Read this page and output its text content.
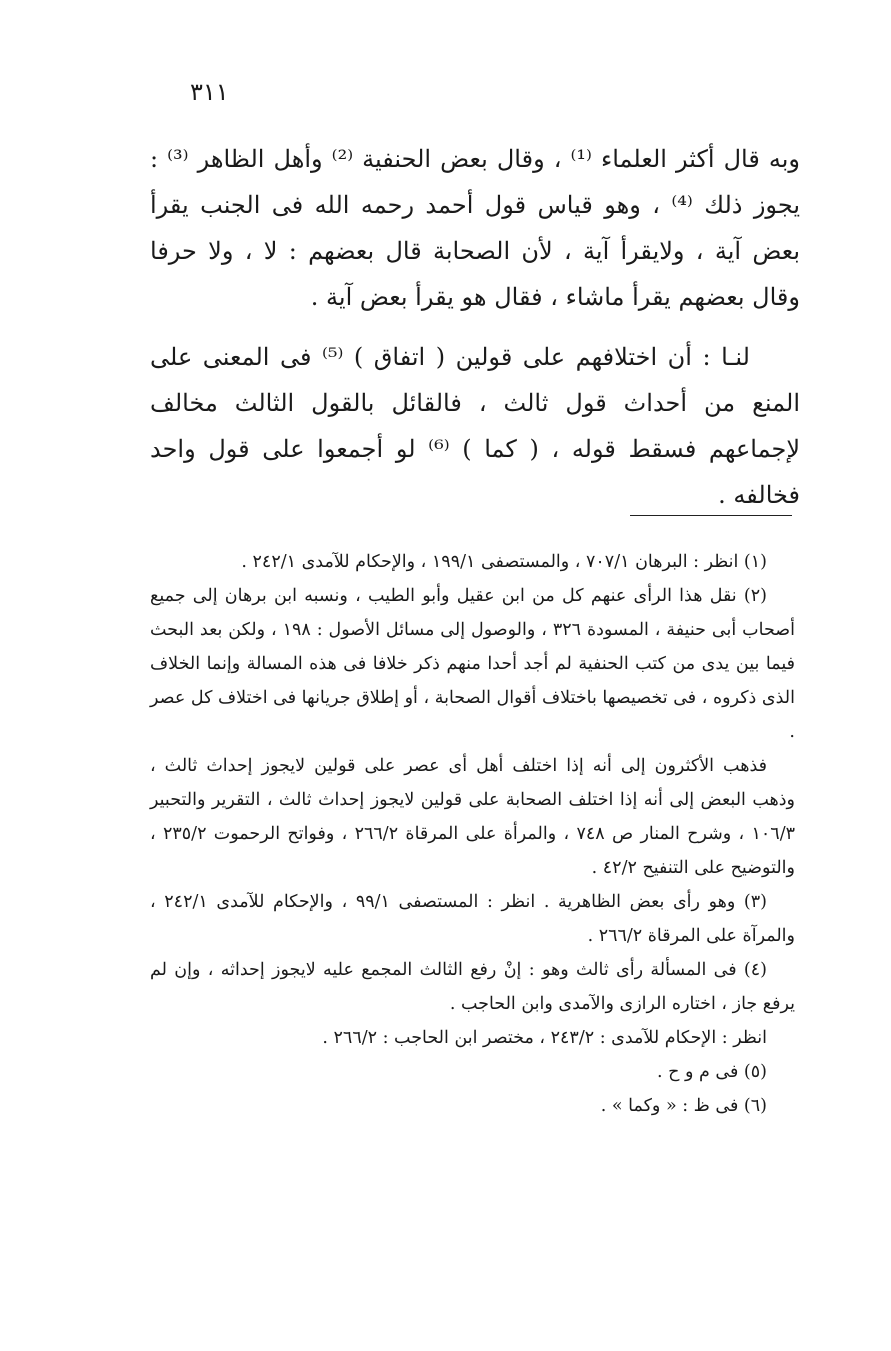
٣١١

وبه قال أكثر العلماء ⁽¹⁾ ، وقال بعض الحنفية ⁽²⁾ وأهل الظاهر ⁽³⁾ : يجوز ذلك ⁽⁴⁾ ، وهو قياس قول أحمد رحمه الله فى الجنب يقرأ بعض آية ، ولايقرأ آية ، لأن الصحابة قال بعضهم : لا ، ولا حرفا وقال بعضهم يقرأ ماشاء ، فقال هو يقرأ بعض آية .

لنـا : أن اختلافهم على قولين ( اتفاق ) ⁽⁵⁾ فى المعنى على المنع من أحداث قول ثالث ، فالقائل بالقول الثالث مخالف لإجماعهم فسقط قوله ، ( كما ) ⁽⁶⁾ لو أجمعوا على قول واحد فخالفه .

(١) انظر : البرهان ٧٠٧/١ ، والمستصفى ١٩٩/١ ، والإحكام للآمدى ٢٤٢/١ .

(٢) نقل هذا الرأى عنهم كل من ابن عقيل وأبو الطيب ، ونسبه ابن برهان إلى جميع أصحاب أبى حنيفة ، المسودة ٣٢٦ ، والوصول إلى مسائل الأصول : ١٩٨ ، ولكن بعد البحث فيما بين يدى من كتب الحنفية لم أجد أحدا منهم ذكر خلافا فى هذه المسالة وإنما الخلاف الذى ذكروه ، فى تخصيصها باختلاف أقوال الصحابة ، أو إطلاق جريانها فى اختلاف كل عصر .

فذهب الأكثرون إلى أنه إذا اختلف أهل أى عصر على قولين لايجوز إحداث ثالث ، وذهب البعض إلى أنه إذا اختلف الصحابة على قولين لايجوز إحداث ثالث ، التقرير والتحبير ١٠٦/٣ ، وشرح المنار ص ٧٤٨ ، والمرأة على المرقاة ٢٦٦/٢ ، وفواتح الرحموت ٢٣٥/٢ ، والتوضيح على التنفيح ٤٢/٢ .

(٣) وهو رأى بعض الظاهرية . انظر : المستصفى ٩٩/١ ، والإحكام للآمدى ٢٤٢/١ ، والمرآة على المرقاة ٢٦٦/٢ .

(٤) فى المسألة رأى ثالث وهو : إنْ رفع الثالث المجمع عليه لايجوز إحداثه ، وإن لم يرفع جاز ، اختاره الرازى والآمدى وابن الحاجب .

انظر : الإحكام للآمدى : ٢٤٣/٢ ، مختصر ابن الحاجب : ٢٦٦/٢ .

(٥) فى م و ح .

(٦) فى ظ : « وكما » .
